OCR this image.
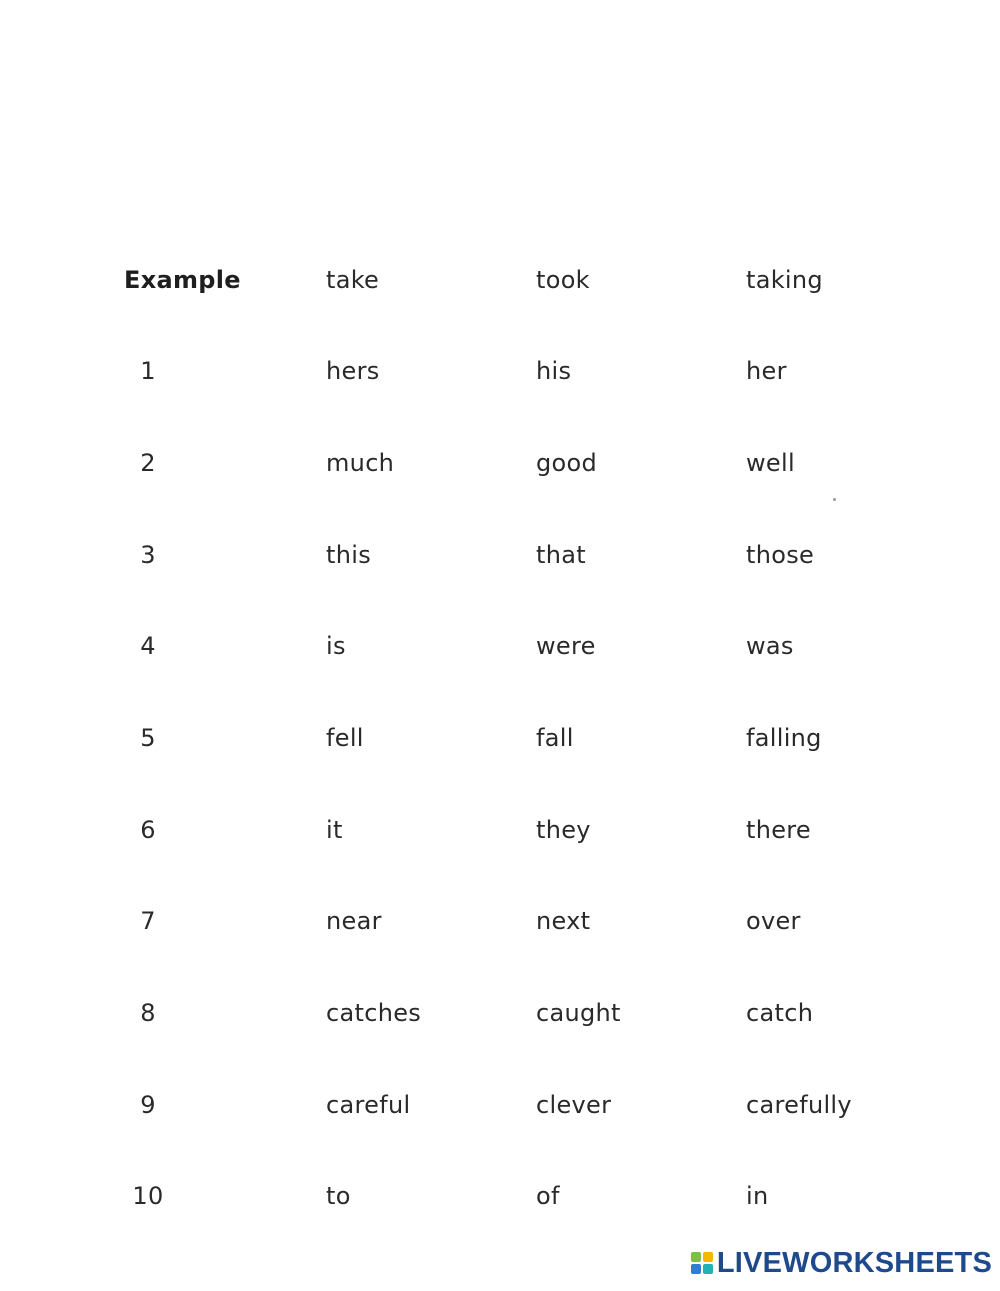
Example	take	took	taking
1	hers	his	her
2	much	good	well
3	this	that	those
4	is	were	was
5	fell	fall	falling
6	it	they	there
7	near	next	over
8	catches	caught	catch
9	careful	clever	carefully
10	to	of	in
LIVEWORKSHEETS
